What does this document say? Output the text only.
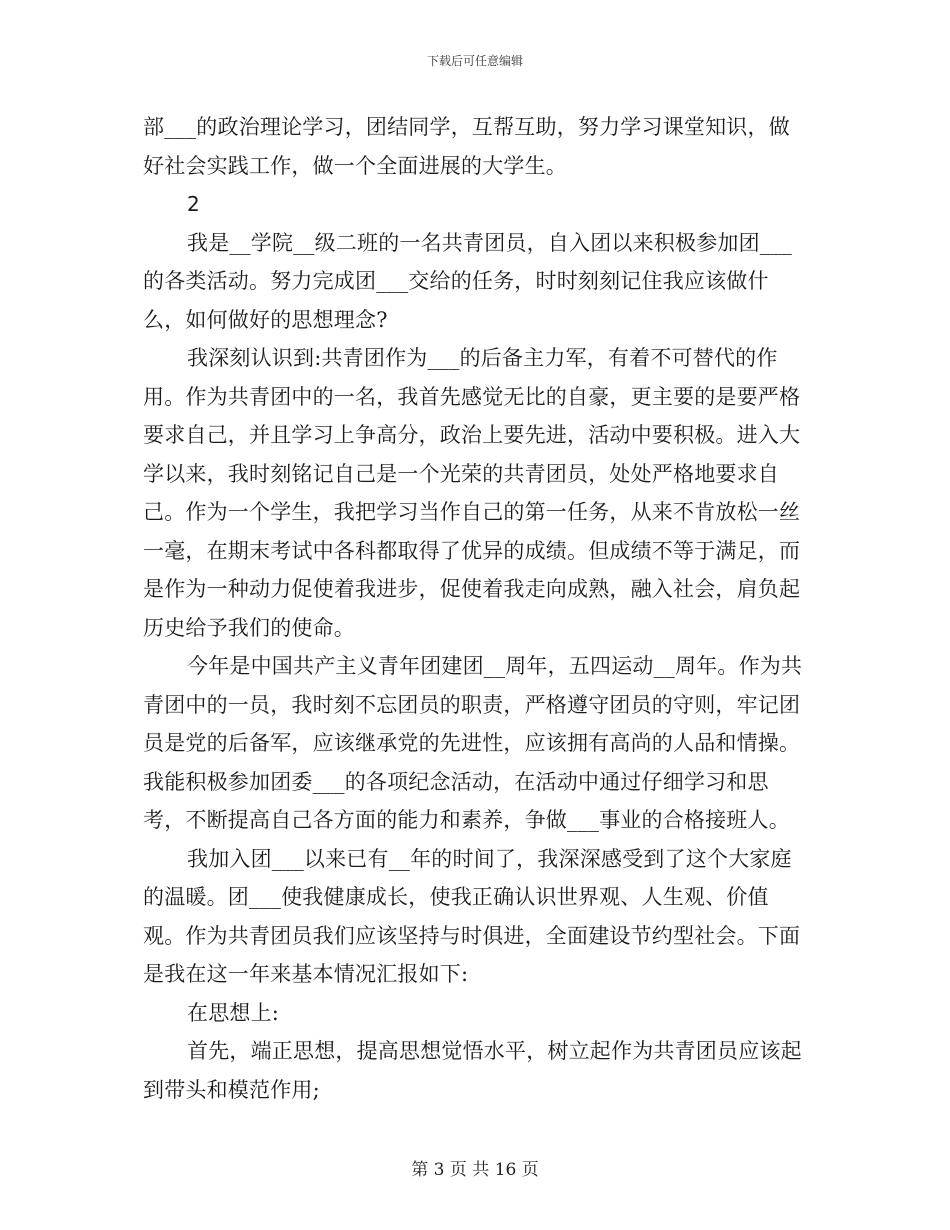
下载后可任意编辑

部___的政治理论学习，团结同学，互帮互助，努力学习课堂知识，做好社会实践工作，做一个全面进展的大学生。

2

我是__学院__级二班的一名共青团员，自入团以来积极参加团___的各类活动。努力完成团___交给的任务，时时刻刻记住我应该做什么，如何做好的思想理念?

我深刻认识到:共青团作为___的后备主力军，有着不可替代的作用。作为共青团中的一名，我首先感觉无比的自豪，更主要的是要严格要求自己，并且学习上争高分，政治上要先进，活动中要积极。进入大学以来，我时刻铭记自己是一个光荣的共青团员，处处严格地要求自己。作为一个学生，我把学习当作自己的第一任务，从来不肯放松一丝一毫，在期末考试中各科都取得了优异的成绩。但成绩不等于满足，而是作为一种动力促使着我进步，促使着我走向成熟，融入社会，肩负起历史给予我们的使命。

今年是中国共产主义青年团建团__周年，五四运动__周年。作为共青团中的一员，我时刻不忘团员的职责，严格遵守团员的守则，牢记团员是党的后备军，应该继承党的先进性，应该拥有高尚的人品和情操。我能积极参加团委___的各项纪念活动，在活动中通过仔细学习和思考，不断提高自己各方面的能力和素养，争做___事业的合格接班人。

我加入团___以来已有__年的时间了，我深深感受到了这个大家庭的温暖。团___使我健康成长，使我正确认识世界观、人生观、价值观。作为共青团员我们应该坚持与时俱进，全面建设节约型社会。下面是我在这一年来基本情况汇报如下:

在思想上:

首先，端正思想，提高思想觉悟水平，树立起作为共青团员应该起到带头和模范作用;

第 3 页 共 16 页
